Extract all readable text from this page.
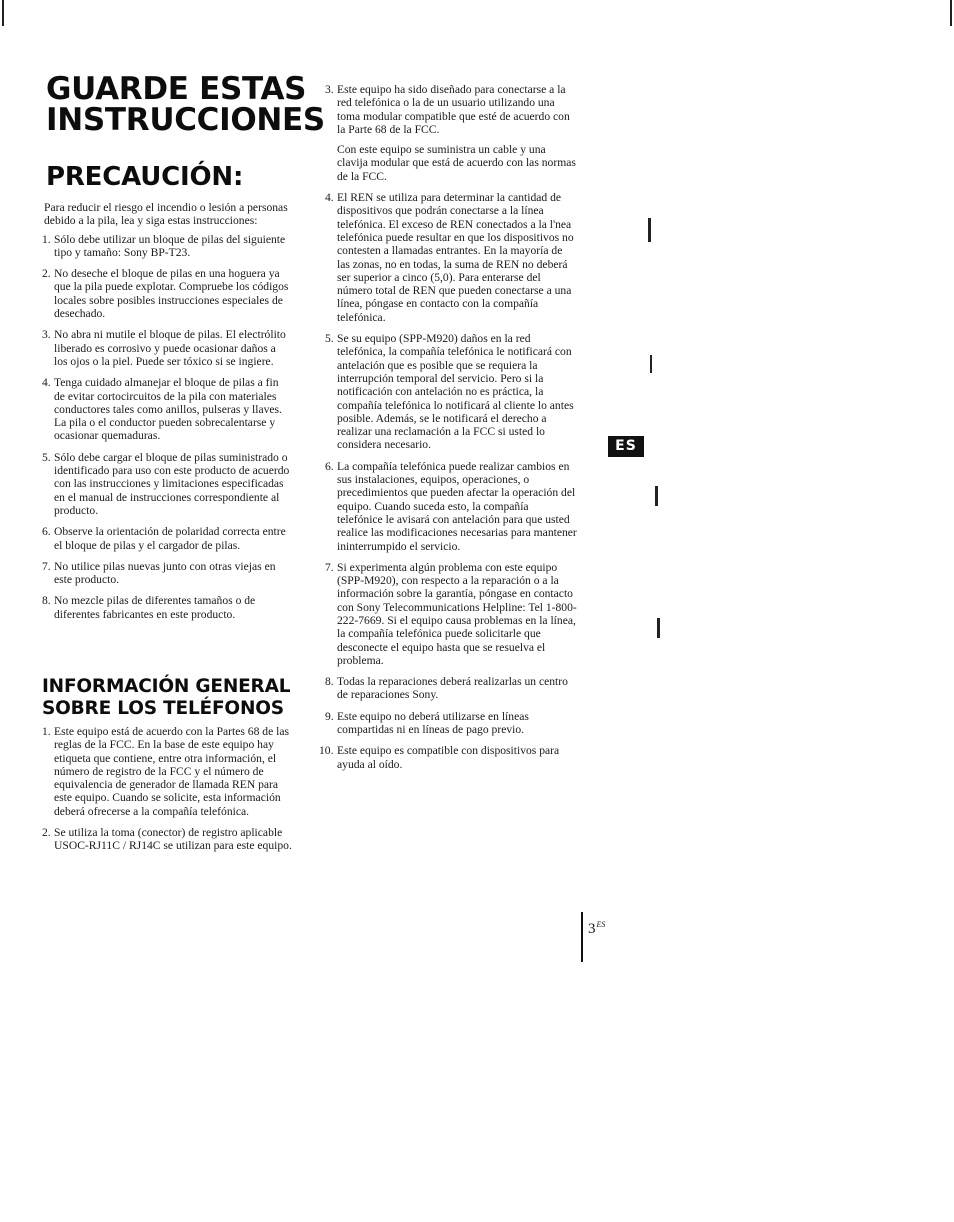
GUARDE ESTAS INSTRUCCIONES
PRECAUCIÓN:

Para reducir el riesgo el incendio o lesión a personas debido a la pila, lea y siga estas instrucciones:

1. Sólo debe utilizar un bloque de pilas del siguiente tipo y tamaño: Sony BP-T23.
2. No deseche el bloque de pilas en una hoguera ya que la pila puede explotar. Compruebe los códigos locales sobre posibles instrucciones especiales de desechado.
3. No abra ni mutile el bloque de pilas. El electrólito liberado es corrosivo y puede ocasionar daños a los ojos o la piel. Puede ser tóxico si se ingiere.
4. Tenga cuidado almanejar el bloque de pilas a fin de evitar cortocircuitos de la pila con materiales conductores tales como anillos, pulseras y llaves. La pila o el conductor pueden sobrecalentarse y ocasionar quemaduras.
5. Sólo debe cargar el bloque de pilas suministrado o identificado para uso con este producto de acuerdo con las instrucciones y limitaciones especificadas en el manual de instrucciones correspondiente al producto.
6. Observe la orientación de polaridad correcta entre el bloque de pilas y el cargador de pilas.
7. No utilice pilas nuevas junto con otras viejas en este producto.
8. No mezcle pilas de diferentes tamaños o de diferentes fabricantes en este producto.
INFORMACIÓN GENERAL SOBRE LOS TELÉFONOS
1. Este equipo está de acuerdo con la Partes 68 de las reglas de la FCC. En la base de este equipo hay etiqueta que contiene, entre otra información, el número de registro de la FCC y el número de equivalencia de generador de llamada REN para este equipo. Cuando se solicite, esta información deberá ofrecerse a la compañía telefónica.
2. Se utiliza la toma (conector) de registro aplicable USOC-RJ11C / RJ14C se utilizan para este equipo.
3. Este equipo ha sido diseñado para conectarse a la red telefónica o la de un usuario utilizando una toma modular compatible que esté de acuerdo con la Parte 68 de la FCC.

Con este equipo se suministra un cable y una clavija modular que está de acuerdo con las normas de la FCC.

4. El REN se utiliza para determinar la cantidad de dispositivos que podrán conectarse a la línea telefónica. El exceso de REN conectados a la l'nea telefónica puede resultar en que los dispositivos no contesten a llamadas entrantes. En la mayoría de las zonas, no en todas, la suma de REN no deberá ser superior a cinco (5,0). Para enterarse del número total de REN que pueden conectarse a una línea, póngase en contacto con la compañía telefónica.
5. Se su equipo (SPP-M920) daños en la red telefónica, la compañía telefónica le notificará con antelación que es posible que se requiera la interrupción temporal del servicio. Pero si la notificación con antelación no es práctica, la compañía telefónica lo notificará al cliente lo antes posible. Además, se le notificará el derecho a realizar una reclamación a la FCC si usted lo considera necesario.
6. La compañía telefónica puede realizar cambios en sus instalaciones, equipos, operaciones, o precedimientos que pueden afectar la operación del equipo. Cuando suceda esto, la compañía telefónice le avisará con antelación para que usted realice las modificaciones necesarias para mantener ininterrumpido el servicio.
7. Si experimenta algún problema con este equipo (SPP-M920), con respecto a la reparación o a la información sobre la garantía, póngase en contacto con Sony Telecommunications Helpline: Tel 1-800-222-7669. Si el equipo causa problemas en la línea, la compañía telefónica puede solicitarle que desconecte el equipo hasta que se resuelva el problema.
8. Todas la reparaciones deberá realizarlas un centro de reparaciones Sony.
9. Este equipo no deberá utilizarse en líneas compartidas ni en líneas de pago previo.
10. Este equipo es compatible con dispositivos para ayuda al oído.
ES
$3^{ES}$
